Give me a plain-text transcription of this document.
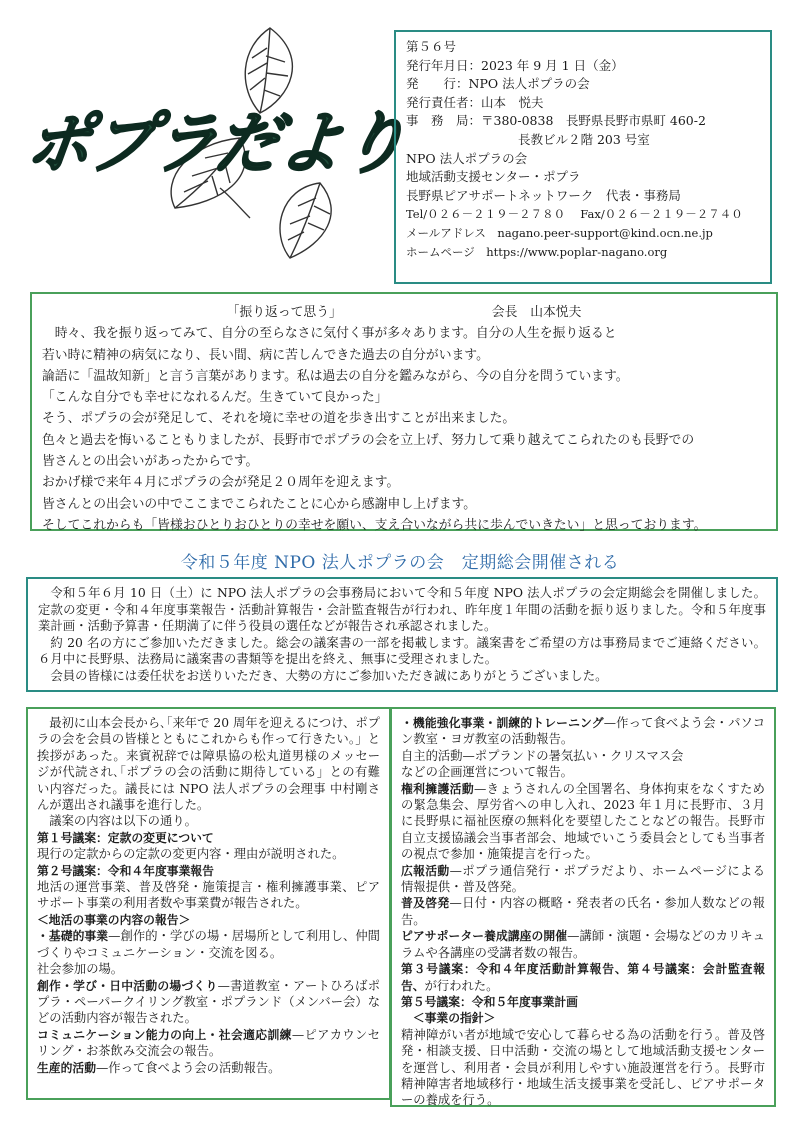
ポプラだより
第５６号
発行年月日：2023 年 9 月 1 日（金）
発　　行：NPO 法人ポプラの会
発行責任者：山本　悦夫
事　務　局：〒380-0838　長野県長野市県町 460-2
長教ビル２階 203 号室
NPO 法人ポプラの会
地域活動支援センター・ポプラ
長野県ピアサポートネットワーク　代表・事務局
Tel/０２６－２１９－２７８０　 Fax/０２６－２１９－２７４０
メールアドレス　nagano.peer-support@kind.ocn.ne.jp
ホームページ　https://www.poplar-nagano.org
「振り返って思う」	会長　山本悦夫

　時々、我を振り返ってみて、自分の至らなさに気付く事が多々あります。自分の人生を振り返ると

若い時に精神の病気になり、長い間、病に苦しんできた過去の自分がいます。

論語に「温故知新」と言う言葉があります。私は過去の自分を鑑みながら、今の自分を問うています。

「こんな自分でも幸せになれるんだ。生きていて良かった」

そう、ポプラの会が発足して、それを境に幸せの道を歩き出すことが出来ました。

色々と過去を悔いることもりましたが、長野市でポプラの会を立上げ、努力して乗り越えてこられたのも長野での

皆さんとの出会いがあったからです。

おかげ様で来年４月にポプラの会が発足２０周年を迎えます。

皆さんとの出会いの中でここまでこられたことに心から感謝申し上げます。

そしてこれからも「皆様おひとりおひとりの幸せを願い、支え合いながら共に歩んでいきたい」と思っております。

令和５年度 NPO 法人ポプラの会　定期総会開催される

令和５年６月 10 日（土）に NPO 法人ポプラの会事務局において令和５年度 NPO 法人ポプラの会定期総会を開催しました。定款の変更・令和４年度事業報告・活動計算報告・会計監査報告が行われ、昨年度１年間の活動を振り返りました。令和５年度事業計画・活動予算書・任期満了に伴う役員の選任などが報告され承認されました。

約 20 名の方にご参加いただきました。総会の議案書の一部を掲載します。議案書をご希望の方は事務局までご連絡ください。６月中に長野県、法務局に議案書の書類等を提出を終え、無事に受理されました。

会員の皆様には委任状をお送りいただき、大勢の方にご参加いただき誠にありがとうございました。

最初に山本会長から､｢来年で 20 周年を迎えるにつけ、ポプラの会を会員の皆様とともにこれからも作って行きたい。」と挨拶があった。来賓祝辞では障県協の松丸道男様のメッセージが代読され､｢ポプラの会の活動に期待している」との有難い内容だった。議長には NPO 法人ポプラの会理事 中村剛さんが選出され議事を進行した。

議案の内容は以下の通り。

第１号議案：定款の変更について

現行の定款からの定款の変更内容・理由が説明された。

第２号議案：令和４年度事業報告

地活の運営事業、普及啓発・施策提言・権利擁護事業、ピアサポート事業の利用者数や事業費が報告された。

＜地活の事業の内容の報告＞

・基礎的事業—創作的・学びの場・居場所として利用し、仲間づくりやコミュニケーション・交流を図る。

社会参加の場。

創作・学び・日中活動の場づくり—書道教室・アートひろばポプラ・ペーパークイリング教室・ポプランド（メンバー会）などの活動内容が報告された。

コミュニケーション能力の向上・社会適応訓練—ピアカウンセリング・お茶飲み交流会の報告。

生産的活動—作って食べよう会の活動報告。

・機能強化事業・訓練的トレーニング—作って食べよう会・パソコン教室・ヨガ教室の活動報告。

自主的活動—ポプランドの暑気払い・クリスマス会

などの企画運営について報告。

権利擁護活動—きょうされんの全国署名、身体拘束をなくすための緊急集会、厚労省への申し入れ、2023 年１月に長野市、３月に長野県に福祉医療の無料化を要望したことなどの報告。長野市自立支援協議会当事者部会、地域でいこう委員会としても当事者の視点で参加・施策提言を行った。

広報活動—ポプラ通信発行・ポプラだより、ホームページによる情報提供・普及啓発。

普及啓発—日付・内容の概略・発表者の氏名・参加人数などの報告。

ピアサポーター養成講座の開催—講師・演題・会場などのカリキュラムや各講座の受講者数の報告。

第３号議案：令和４年度活動計算報告、第４号議案：会計監査報告、が行われた。

第５号議案：令和５年度事業計画

＜事業の指針＞

精神障がい者が地域で安心して暮らせる為の活動を行う。普及啓発・相談支援、日中活動・交流の場として地域活動支援センターを運営し、利用者・会員が利用しやすい施設運営を行う。長野市精神障害者地域移行・地域生活支援事業を受託し、ピアサポーターの養成を行う。
